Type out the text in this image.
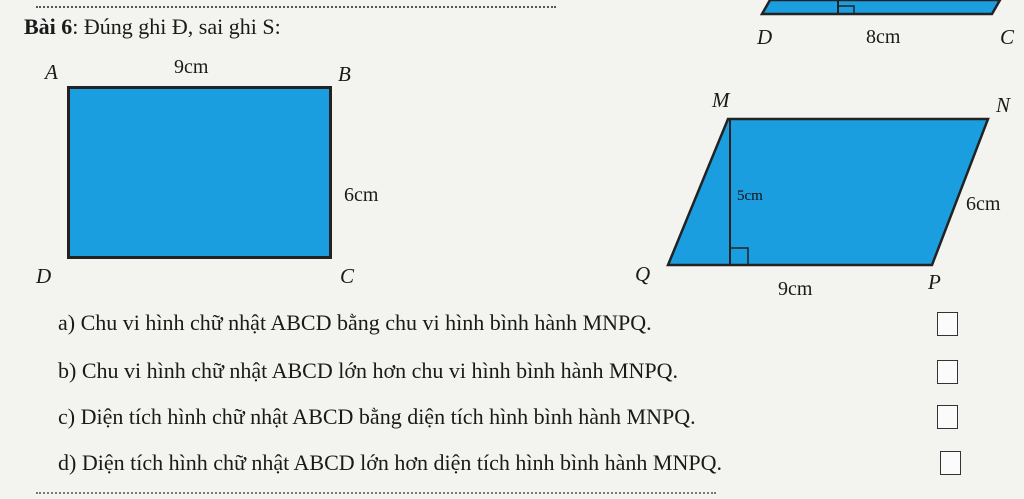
Bài 6: Đúng ghi Đ, sai ghi S:
A	B
D	C
9cm
6cm
D	8cm	C
M	N
Q	P
5cm	6cm
9cm
a) Chu vi hình chữ nhật ABCD bằng chu vi hình bình hành MNPQ.
b) Chu vi hình chữ nhật ABCD lớn hơn chu vi hình bình hành MNPQ.
c) Diện tích hình chữ nhật ABCD bằng diện tích hình bình hành MNPQ.
d) Diện tích hình chữ nhật ABCD lớn hơn diện tích hình bình hành MNPQ.
